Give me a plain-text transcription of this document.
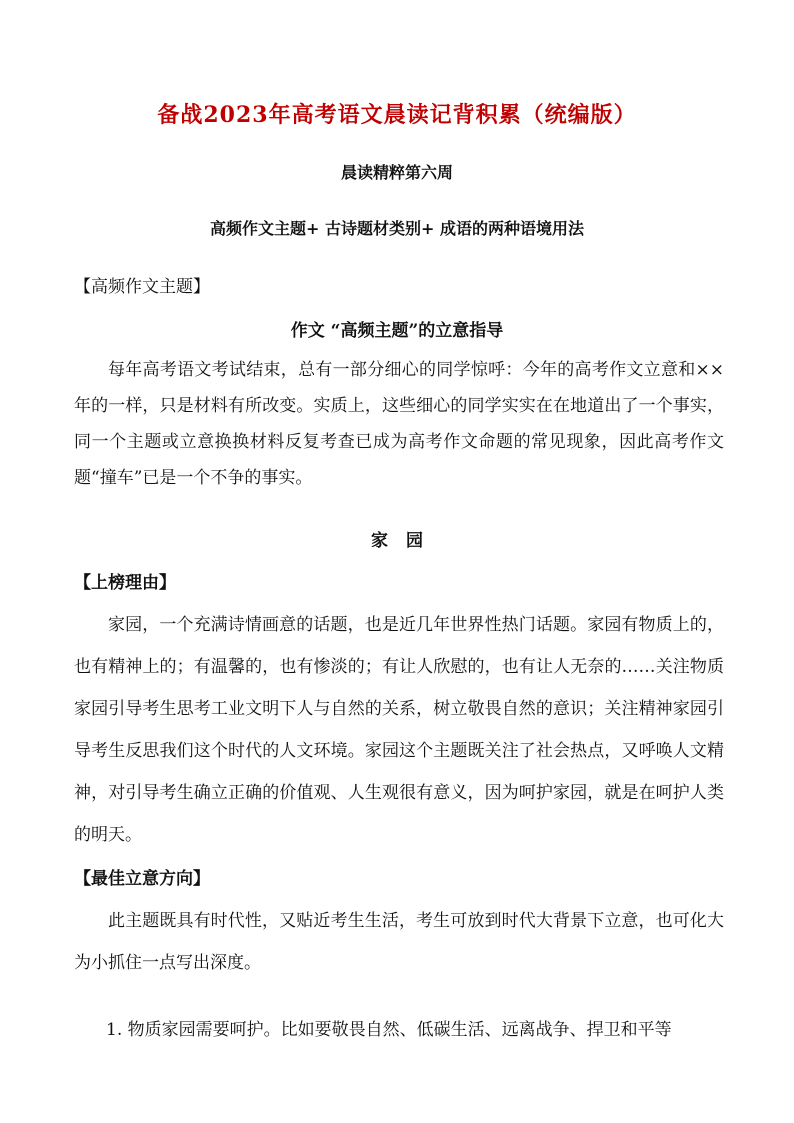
备战2023年高考语文晨读记背积累（统编版）
晨读精粹第六周
高频作文主题+ 古诗题材类别+ 成语的两种语境用法
【高频作文主题】
作文 “高频主题”的立意指导

每年高考语文考试结束，总有一部分细心的同学惊呼：今年的高考作文立意和××年的一样，只是材料有所改变。实质上，这些细心的同学实实在在地道出了一个事实，同一个主题或立意换换材料反复考查已成为高考作文命题的常见现象，因此高考作文题“撞车”已是一个不争的事实。

家园
【上榜理由】

家园，一个充满诗情画意的话题，也是近几年世界性热门话题。家园有物质上的，也有精神上的；有温馨的，也有惨淡的；有让人欣慰的，也有让人无奈的……关注物质家园引导考生思考工业文明下人与自然的关系，树立敬畏自然的意识；关注精神家园引导考生反思我们这个时代的人文环境。家园这个主题既关注了社会热点，又呼唤人文精神，对引导考生确立正确的价值观、人生观很有意义，因为呵护家园，就是在呵护人类的明天。

【最佳立意方向】

此主题既具有时代性，又贴近考生生活，考生可放到时代大背景下立意，也可化大为小抓住一点写出深度。

1. 物质家园需要呵护。比如要敬畏自然、低碳生活、远离战争、捍卫和平等
